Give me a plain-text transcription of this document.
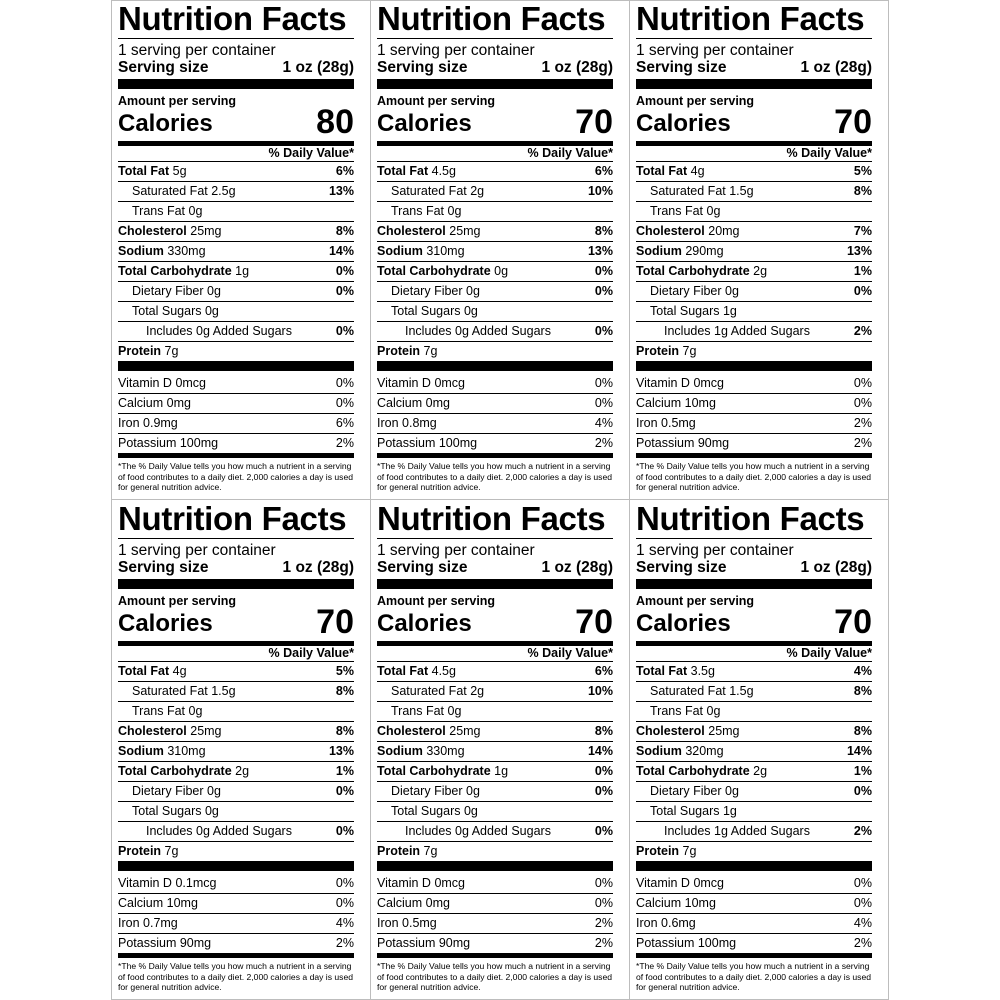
Nutrition Facts
1 serving per container
Serving size	1 oz (28g)
Amount per serving
Calories	80
% Daily Value*
Total Fat 5g	6%
Saturated Fat 2.5g	13%
Trans Fat 0g
Cholesterol 25mg	8%
Sodium 330mg	14%
Total Carbohydrate 1g	0%
Dietary Fiber 0g	0%
Total Sugars 0g
Includes 0g Added Sugars	0%
Protein 7g
Vitamin D 0mcg	0%
Calcium 0mg	0%
Iron 0.9mg	6%
Potassium 100mg	2%
*The % Daily Value tells you how much a nutrient in a serving of food contributes to a daily diet. 2,000 calories a day is used for general nutrition advice.
Nutrition Facts
1 serving per container
Serving size	1 oz (28g)
Amount per serving
Calories	70
% Daily Value*
Total Fat 4.5g	6%
Saturated Fat 2g	10%
Trans Fat 0g
Cholesterol 25mg	8%
Sodium 310mg	13%
Total Carbohydrate 0g	0%
Dietary Fiber 0g	0%
Total Sugars 0g
Includes 0g Added Sugars	0%
Protein 7g
Vitamin D 0mcg	0%
Calcium 0mg	0%
Iron 0.8mg	4%
Potassium 100mg	2%
*The % Daily Value tells you how much a nutrient in a serving of food contributes to a daily diet. 2,000 calories a day is used for general nutrition advice.
Nutrition Facts
1 serving per container
Serving size	1 oz (28g)
Amount per serving
Calories	70
% Daily Value*
Total Fat 4g	5%
Saturated Fat 1.5g	8%
Trans Fat 0g
Cholesterol 20mg	7%
Sodium 290mg	13%
Total Carbohydrate 2g	1%
Dietary Fiber 0g	0%
Total Sugars 1g
Includes 1g Added Sugars	2%
Protein 7g
Vitamin D 0mcg	0%
Calcium 10mg	0%
Iron 0.5mg	2%
Potassium 90mg	2%
*The % Daily Value tells you how much a nutrient in a serving of food contributes to a daily diet. 2,000 calories a day is used for general nutrition advice.
Nutrition Facts
1 serving per container
Serving size	1 oz (28g)
Amount per serving
Calories	70
% Daily Value*
Total Fat 4g	5%
Saturated Fat 1.5g	8%
Trans Fat 0g
Cholesterol 25mg	8%
Sodium 310mg	13%
Total Carbohydrate 2g	1%
Dietary Fiber 0g	0%
Total Sugars 0g
Includes 0g Added Sugars	0%
Protein 7g
Vitamin D 0.1mcg	0%
Calcium 10mg	0%
Iron 0.7mg	4%
Potassium 90mg	2%
*The % Daily Value tells you how much a nutrient in a serving of food contributes to a daily diet. 2,000 calories a day is used for general nutrition advice.
Nutrition Facts
1 serving per container
Serving size	1 oz (28g)
Amount per serving
Calories	70
% Daily Value*
Total Fat 4.5g	6%
Saturated Fat 2g	10%
Trans Fat 0g
Cholesterol 25mg	8%
Sodium 330mg	14%
Total Carbohydrate 1g	0%
Dietary Fiber 0g	0%
Total Sugars 0g
Includes 0g Added Sugars	0%
Protein 7g
Vitamin D 0mcg	0%
Calcium 0mg	0%
Iron 0.5mg	2%
Potassium 90mg	2%
*The % Daily Value tells you how much a nutrient in a serving of food contributes to a daily diet. 2,000 calories a day is used for general nutrition advice.
Nutrition Facts
1 serving per container
Serving size	1 oz (28g)
Amount per serving
Calories	70
% Daily Value*
Total Fat 3.5g	4%
Saturated Fat 1.5g	8%
Trans Fat 0g
Cholesterol 25mg	8%
Sodium 320mg	14%
Total Carbohydrate 2g	1%
Dietary Fiber 0g	0%
Total Sugars 1g
Includes 1g Added Sugars	2%
Protein 7g
Vitamin D 0mcg	0%
Calcium 10mg	0%
Iron 0.6mg	4%
Potassium 100mg	2%
*The % Daily Value tells you how much a nutrient in a serving of food contributes to a daily diet. 2,000 calories a day is used for general nutrition advice.
